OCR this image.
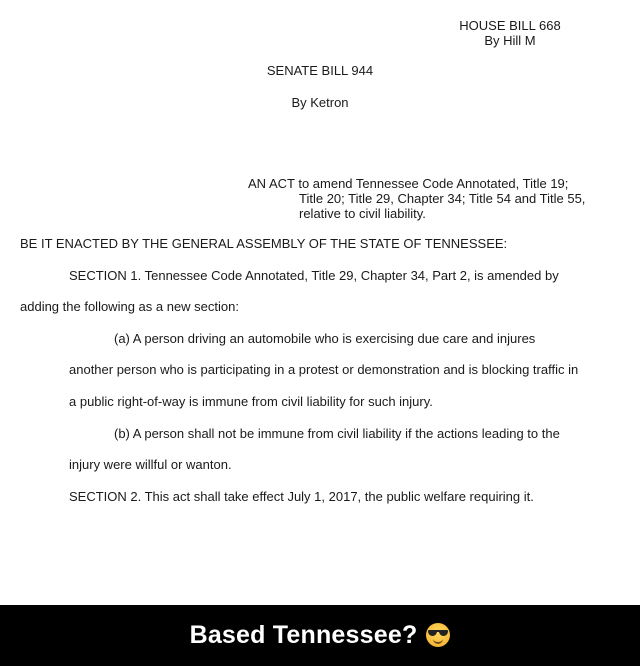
HOUSE BILL 668
By Hill M
SENATE BILL 944
By Ketron
AN ACT to amend Tennessee Code Annotated, Title 19;
Title 20; Title 29, Chapter 34; Title 54 and Title 55,
relative to civil liability.
BE IT ENACTED BY THE GENERAL ASSEMBLY OF THE STATE OF TENNESSEE:
SECTION 1. Tennessee Code Annotated, Title 29, Chapter 34, Part 2, is amended by
adding the following as a new section:
(a) A person driving an automobile who is exercising due care and injures
another person who is participating in a protest or demonstration and is blocking traffic in
a public right-of-way is immune from civil liability for such injury.
(b) A person shall not be immune from civil liability if the actions leading to the
injury were willful or wanton.
SECTION 2. This act shall take effect July 1, 2017, the public welfare requiring it.
Based Tennessee?
